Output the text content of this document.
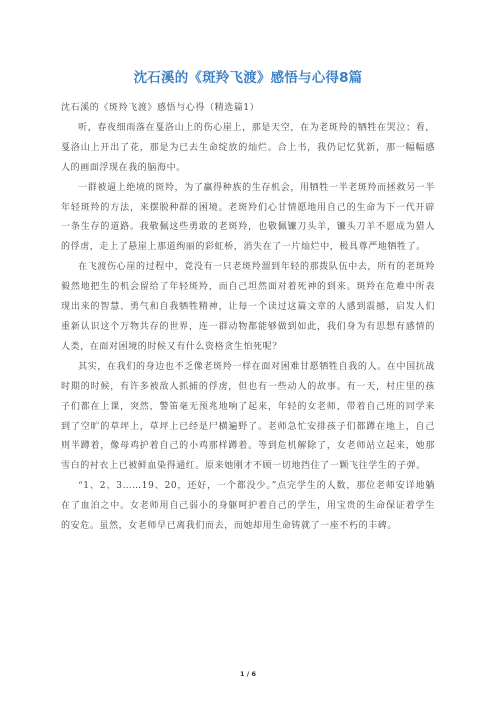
沈石溪的《斑羚飞渡》感悟与心得8篇

沈石溪的《斑羚飞渡》感悟与心得（精选篇1）

听，春夜细雨落在戛洛山上的伤心崖上，那是天空，在为老斑羚的牺牲在哭泣；看，戛洛山上开出了花，那是为已去生命绽放的灿烂。合上书，我仍记忆犹新，那一幅幅感人的画面浮现在我的脑海中。

一群被逼上绝境的斑羚，为了赢得种族的生存机会，用牺牲一半老斑羚而拯救另一半年轻斑羚的方法，来摆脱种群的困境。老斑羚们心甘情愿地用自己的生命为下一代开辟一条生存的道路。我敬佩这些勇敢的老斑羚，也敬佩镰刀头羊，镰头刀羊不愿成为猎人的俘虏，走上了悬崖上那道绚丽的彩虹桥，消失在了一片灿烂中，极具尊严地牺牲了。

在飞渡伤心崖的过程中，竟没有一只老斑羚溜到年轻的那拨队伍中去，所有的老斑羚毅然地把生的机会留给了年轻斑羚，而自己坦然面对着死神的到来。斑羚在危难中所表现出来的智慧、勇气和自我牺牲精神，让每一个读过这篇文章的人感到震撼，启发人们重新认识这个万物共存的世界，连一群动物都能够做到如此，我们身为有思想有感情的人类，在面对困境的时候又有什么资格贪生怕死呢？

其实，在我们的身边也不乏像老斑羚一样在面对困难甘愿牺牲自我的人。在中国抗战时期的时候，有许多被敌人抓捕的俘虏，但也有一些动人的故事。有一天，村庄里的孩子们都在上课，突然，警笛毫无预兆地响了起来，年轻的女老师，带着自己班的同学来到了空旷的草坪上，草坪上已经是尸横遍野了。老师急忙安排孩子们都蹲在地上，自己则半蹲着，像母鸡护着自己的小鸡那样蹲着。等到危机解除了，女老师站立起来，她那雪白的衬衣上已被鲜血染得通红。原来她刚才不顾一切地挡住了一颗飞往学生的子弹。

“1、2、3……19、20，还好，一个都没少。”点完学生的人数，那位老师安详地躺在了血泊之中。女老师用自己弱小的身躯呵护着自己的学生，用宝贵的生命保证着学生的安危。虽然，女老师早已离我们而去，而她却用生命铸就了一座不朽的丰碑。

1 / 6
